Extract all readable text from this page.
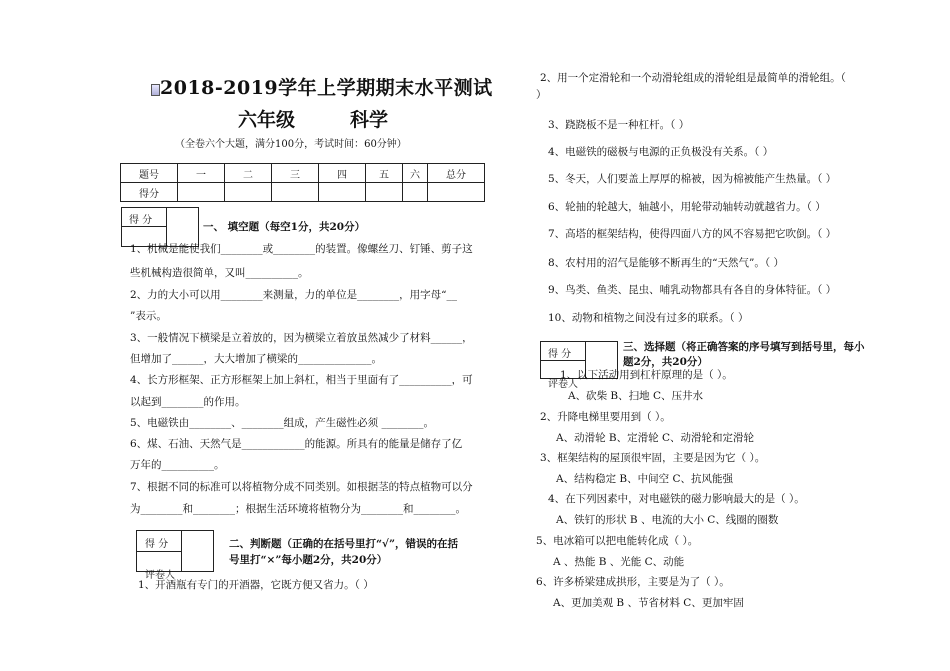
2018-2019学年上学期期末水平测试
六年级	科学
（全卷六个大题，满分100分，考试时间：60分钟）
题号	一	二	三	四	五	六	总分
得分							
得 分
一、 填空题（每空1分，共20分）
1、机械是能使我们________或________的装置。像螺丝刀、钉锤、剪子这
些机械构造很简单，又叫__________。
2、力的大小可以用________来测量，力的单位是________，用字母“__
”表示。
3、一般情况下横梁是立着放的，因为横梁立着放虽然减少了材料______，
但增加了______，大大增加了横梁的______________。
4、长方形框架、正方形框架上加上斜杠，相当于里面有了__________，可
以起到________的作用。
5、电磁铁由________、________组成，产生磁性必须 ________。
6、煤、石油、天然气是____________的能源。所具有的能量是储存了亿
万年的__________。
7、根据不同的标准可以将植物分成不同类别。如根据茎的特点植物可以分
为________和________；根据生活环境将植物分为________和________。
得 分
评卷人
二、判断题（正确的在括号里打“√”，错误的在括
号里打“×”每小题2分，共20分）
1、开酒瓶有专门的开酒器，它既方便又省力。（ ）
2、用一个定滑轮和一个动滑轮组成的滑轮组是最简单的滑轮组。（
）
3、跷跷板不是一种杠杆。（ ）
4、电磁铁的磁极与电源的正负极没有关系。（ ）
5、冬天，人们要盖上厚厚的棉被，因为棉被能产生热量。（ ）
6、轮抽的轮越大，轴越小，用轮带动轴转动就越省力。（ ）
7、高塔的框架结构，使得四面八方的风不容易把它吹倒。（ ）
8、农村用的沼气是能够不断再生的“天然气”。（ ）
9、鸟类、鱼类、昆虫、哺乳动物都具有各自的身体特征。（ ）
10、动物和植物之间没有过多的联系。（ ）
得 分
评卷人
三、选择题（将正确答案的序号填写到括号里，每小
题2分，共20分）
1、以下活动用到杠杆原理的是（ ）。
A、砍柴 B、扫地 C、压井水
2、升降电梯里要用到（ ）。
A、动滑轮 B、定滑轮 C、动滑轮和定滑轮
3、框架结构的屋顶很牢固，主要是因为它（ ）。
A、结构稳定 B、中间空 C、抗风能强
4、在下列因素中，对电磁铁的磁力影响最大的是（ ）。
A、铁钉的形状 B 、电流的大小 C、线圈的圈数
5、电冰箱可以把电能转化成（ ）。
A 、热能 B 、光能 C、动能
6、许多桥梁建成拱形，主要是为了（ ）。
A、更加美观 B 、节省材料 C、更加牢固
